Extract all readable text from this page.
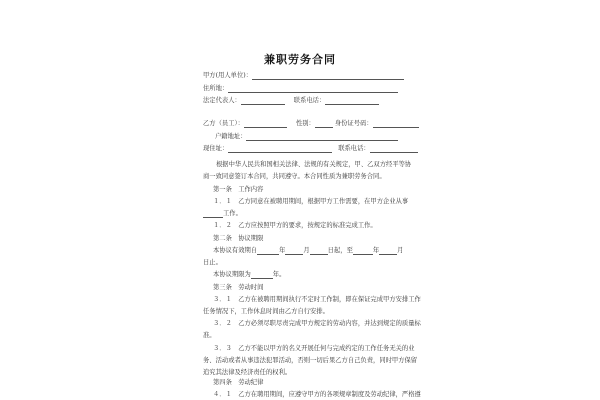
兼职劳务合同
甲方(用人单位)：
住所地：
法定代表人：	联系电话：
乙方（员工）：	性别：	身份证号码：
户籍地址：
现住址：	联系电话：
根据中华人民共和国相关法律、法规的有关规定，甲、乙双方经平等协
商一致同意签订本合同，共同遵守。本合同性质为兼职劳务合同。
第一条　工作内容
１．１　乙方同意在被聘用期间，根据甲方工作需要，在甲方企业从事
工作。
１．２　乙方应按照甲方的要求，按规定的标准完成工作。
第二条　协议期限
本协议有效期自	年	月	日起，至	年	月
日止。
本协议期限为	年。
第三条　劳动时间
３．１　乙方在被聘用期间执行不定时工作制，即在保证完成甲方安排工作
任务情况下，工作休息时间由乙方自行安排。
３．２　乙方必须尽职尽责完成甲方规定的劳动内容，并达到规定的质量标
准。
３．３　乙方不能以甲方的名义开展任何与完成约定的工作任务无关的业
务、活动或者从事违法犯罪活动，否则一切后果乙方自己负责，同时甲方保留
追究其法律及经济责任的权利。
第四条　劳动纪律
４．１　乙方在聘用期间，应遵守甲方的各项规章制度及劳动纪律，严格遵
